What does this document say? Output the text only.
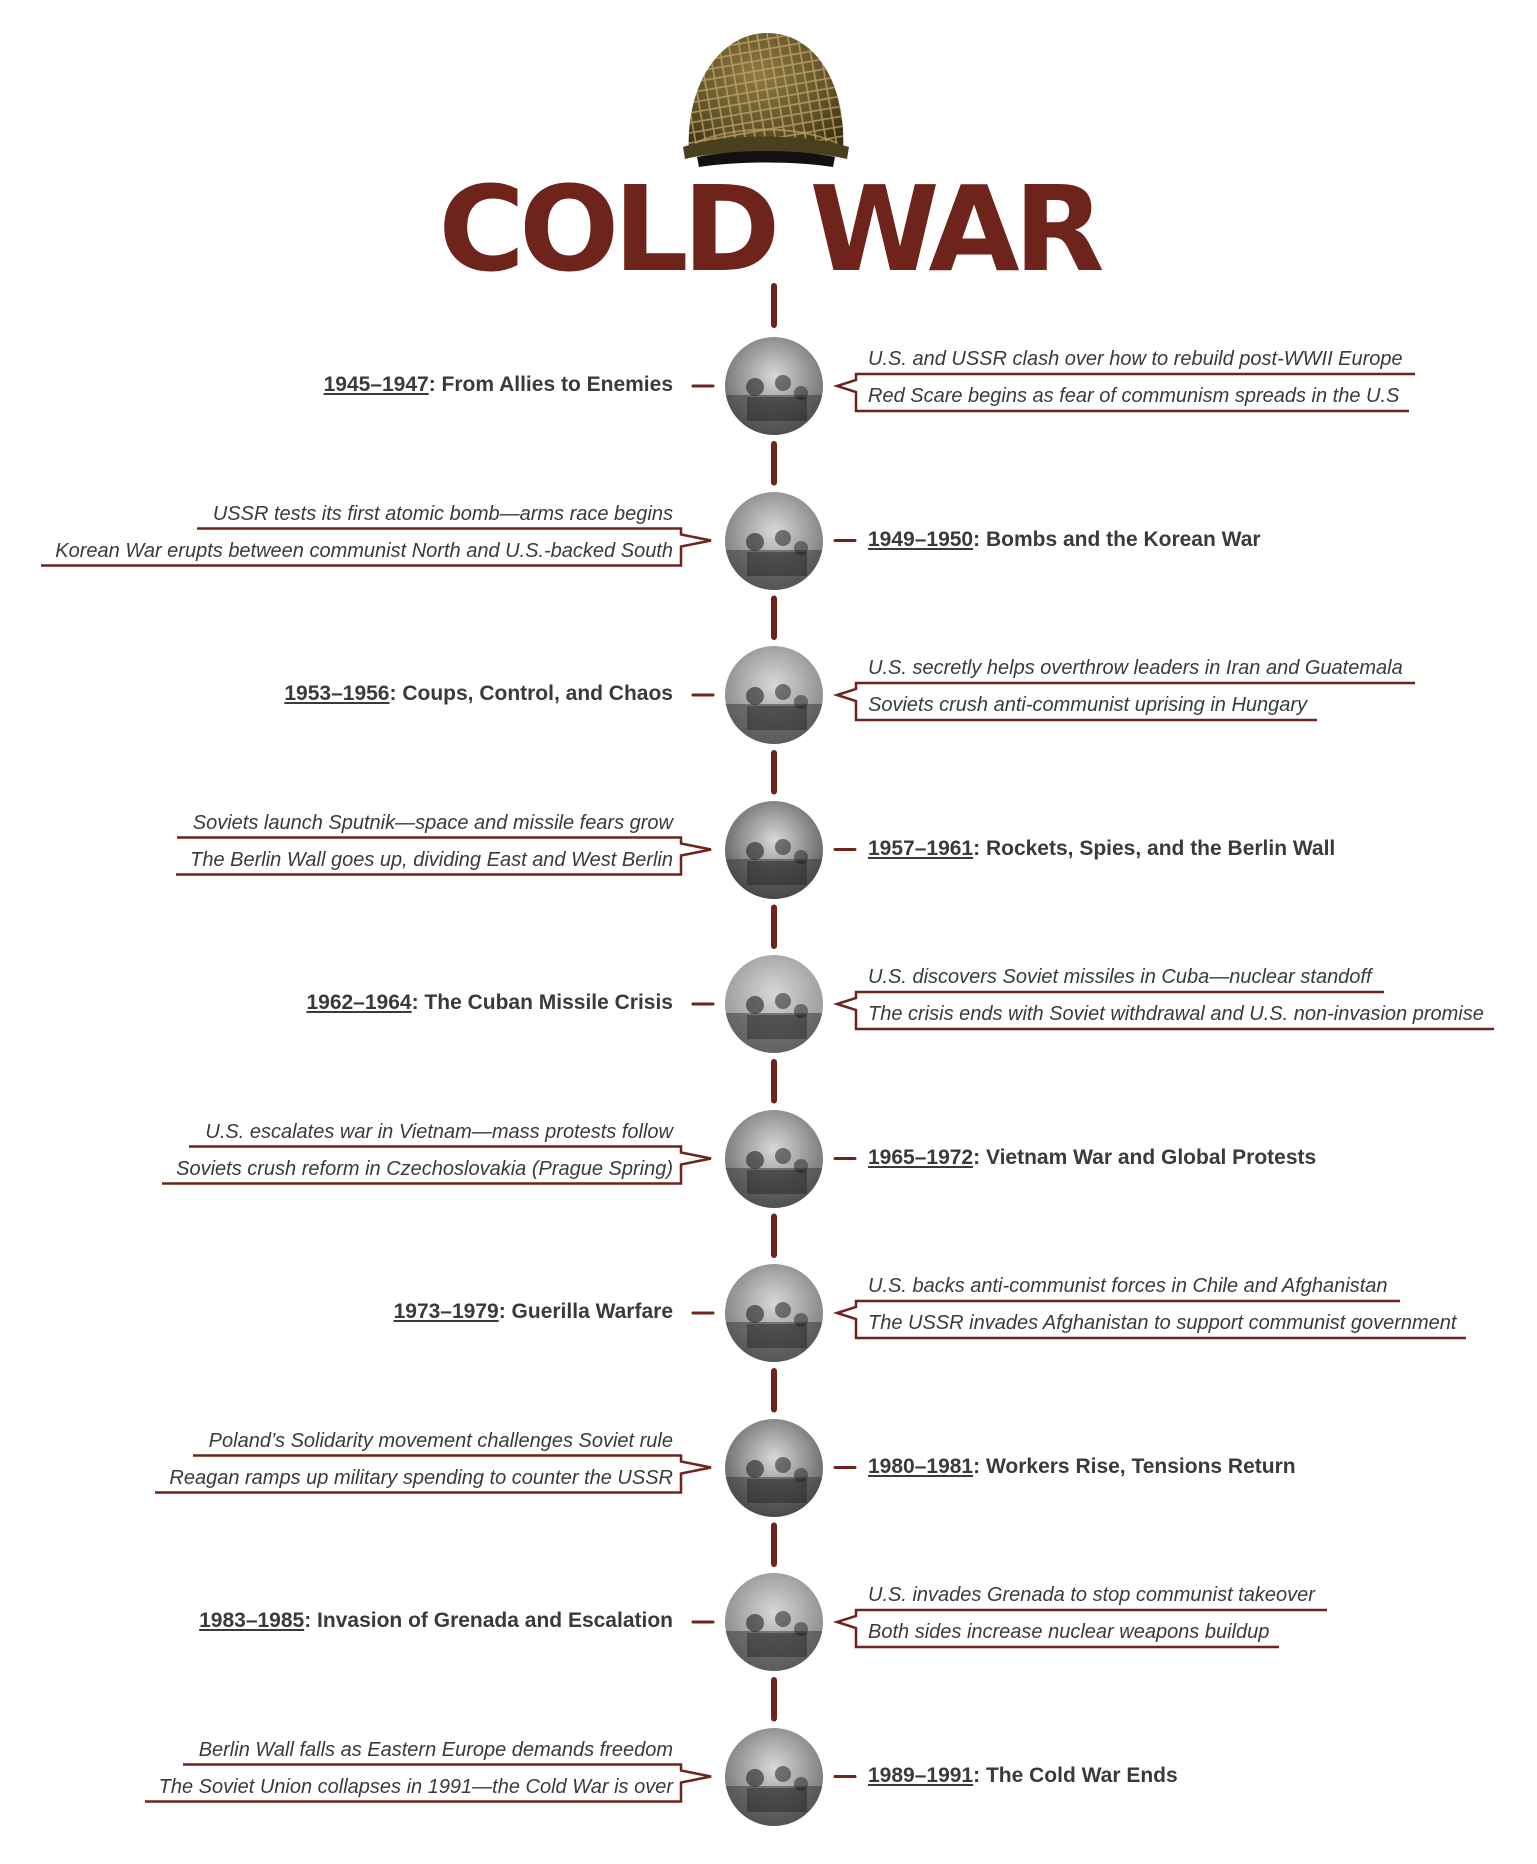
COLD WAR
U.S. and USSR clash over how to rebuild post-WWII Europe
Red Scare begins as fear of communism spreads in the U.S
1945–1947: From Allies to Enemies
USSR tests its first atomic bomb—arms race begins
Korean War erupts between communist North and U.S.-backed South	1949–1950: Bombs and the Korean War
U.S. secretly helps overthrow leaders in Iran and Guatemala
Soviets crush anti-communist uprising in Hungary
1953–1956: Coups, Control, and Chaos
Soviets launch Sputnik—space and missile fears grow
The Berlin Wall goes up, dividing East and West Berlin	1957–1961: Rockets, Spies, and the Berlin Wall
U.S. discovers Soviet missiles in Cuba—nuclear standoff
The crisis ends with Soviet withdrawal and U.S. non-invasion promise
1962–1964: The Cuban Missile Crisis
U.S. escalates war in Vietnam—mass protests follow
Soviets crush reform in Czechoslovakia (Prague Spring)	1965–1972: Vietnam War and Global Protests
U.S. backs anti-communist forces in Chile and Afghanistan
The USSR invades Afghanistan to support communist government
1973–1979: Guerilla Warfare
Poland’s Solidarity movement challenges Soviet rule
Reagan ramps up military spending to counter the USSR	1980–1981: Workers Rise, Tensions Return
U.S. invades Grenada to stop communist takeover
Both sides increase nuclear weapons buildup
1983–1985: Invasion of Grenada and Escalation
Berlin Wall falls as Eastern Europe demands freedom
The Soviet Union collapses in 1991—the Cold War is over	1989–1991: The Cold War Ends
